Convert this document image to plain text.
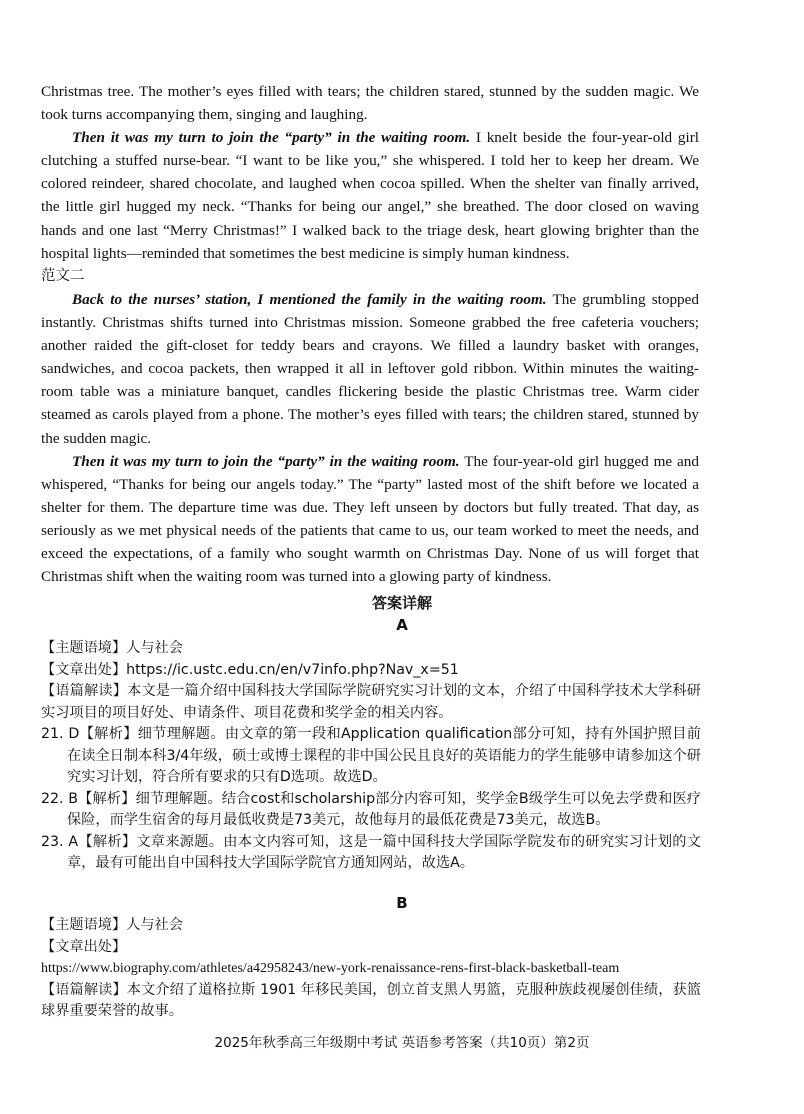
Christmas tree. The mother’s eyes filled with tears; the children stared, stunned by the sudden magic. We took turns accompanying them, singing and laughing.

Then it was my turn to join the “party” in the waiting room. I knelt beside the four-year-old girl clutching a stuffed nurse-bear. “I want to be like you,” she whispered. I told her to keep her dream. We colored reindeer, shared chocolate, and laughed when cocoa spilled. When the shelter van finally arrived, the little girl hugged my neck. “Thanks for being our angel,” she breathed. The door closed on waving hands and one last “Merry Christmas!” I walked back to the triage desk, heart glowing brighter than the hospital lights—reminded that sometimes the best medicine is simply human kindness.

范文二

Back to the nurses’ station, I mentioned the family in the waiting room. The grumbling stopped instantly. Christmas shifts turned into Christmas mission. Someone grabbed the free cafeteria vouchers; another raided the gift-closet for teddy bears and crayons. We filled a laundry basket with oranges, sandwiches, and cocoa packets, then wrapped it all in leftover gold ribbon. Within minutes the waiting-room table was a miniature banquet, candles flickering beside the plastic Christmas tree. Warm cider steamed as carols played from a phone. The mother’s eyes filled with tears; the children stared, stunned by the sudden magic.

Then it was my turn to join the “party” in the waiting room. The four-year-old girl hugged me and whispered, “Thanks for being our angels today.” The “party” lasted most of the shift before we located a shelter for them. The departure time was due. They left unseen by doctors but fully treated. That day, as seriously as we met physical needs of the patients that came to us, our team worked to meet the needs, and exceed the expectations, of a family who sought warmth on Christmas Day. None of us will forget that Christmas shift when the waiting room was turned into a glowing party of kindness.

答案详解
A
【主题语境】人与社会
【文章出处】https://ic.ustc.edu.cn/en/v7info.php?Nav_x=51
【语篇解读】本文是一篇介绍中国科技大学国际学院研究实习计划的文本，介绍了中国科学技术大学科研实习项目的项目好处、申请条件、项目花费和奖学金的相关内容。
21. D【解析】细节理解题。由文章的第一段和Application qualification部分可知，持有外国护照目前在读全日制本科3/4年级，硕士或博士课程的非中国公民且良好的英语能力的学生能够申请参加这个研究实习计划，符合所有要求的只有D选项。故选D。
22. B【解析】细节理解题。结合cost和scholarship部分内容可知，奖学金B级学生可以免去学费和医疗保险，而学生宿舍的每月最低收费是73美元，故他每月的最低花费是73美元，故选B。
23. A【解析】文章来源题。由本文内容可知，这是一篇中国科技大学国际学院发布的研究实习计划的文章，最有可能出自中国科技大学国际学院官方通知网站，故选A。
B
【主题语境】人与社会
【文章出处】
https://www.biography.com/athletes/a42958243/new-york-renaissance-rens-first-black-basketball-team
【语篇解读】本文介绍了道格拉斯 1901 年移民美国，创立首支黑人男篮，克服种族歧视屡创佳绩，获篮球界重要荣誉的故事。
2025年秋季高三年级期中考试 英语参考答案（共10页）第2页
